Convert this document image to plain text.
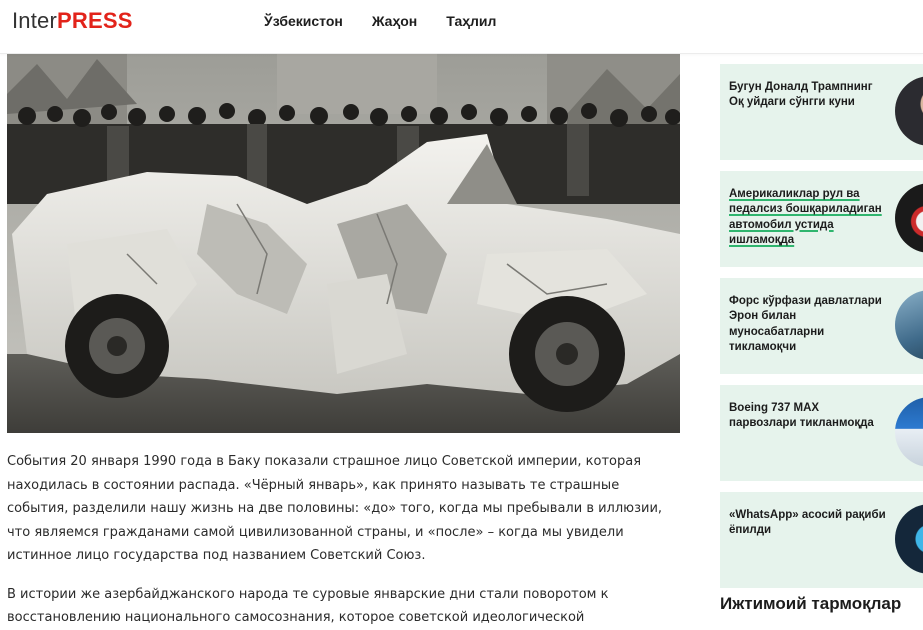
InterPRESS	Ўзбекистон Жаҳон Таҳлил

События 20 января 1990 года в Баку показали страшное лицо Советской империи, которая находилась в состоянии распада. «Чёрный январь», как принято называть те страшные события, разделили нашу жизнь на две половины: «до» того, когда мы пребывали в иллюзии, что являемся гражданами самой цивилизованной страны, и «после» – когда мы увидели истинное лицо государства под названием Советский Союз.

В истории же азербайджанского народа те суровые январские дни стали поворотом к восстановлению национального самосознания, которое советской идеологической

Бугун Доналд Трампнинг Оқ уйдаги сўнгги куни
Америкаликлар рул ва педалсиз бошқариладиган автомобил устида ишламоқда
Форс кўрфази давлатлари Эрон билан муносабатларни тикламоқчи
Boeing 737 MAX парвозлари тикланмоқда
«WhatsApp» асосий рақиби ёпилди
Ижтимоий тармоқлар
